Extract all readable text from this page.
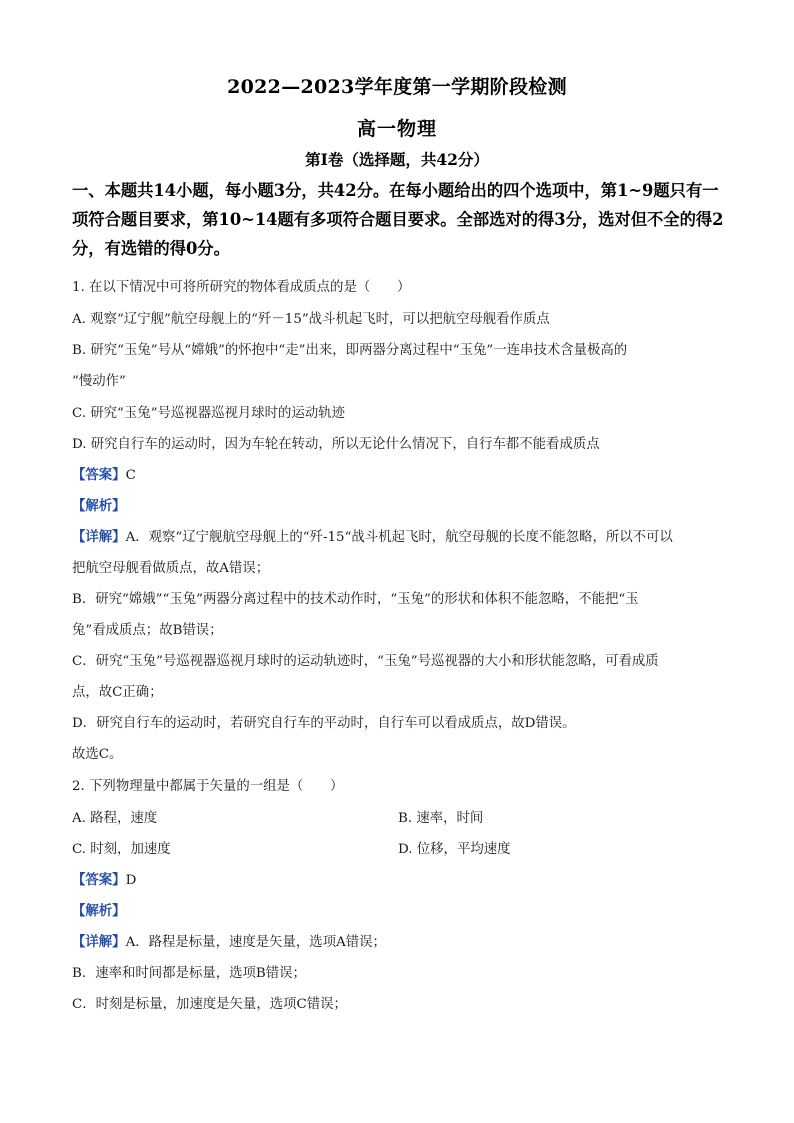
2022—2023学年度第一学期阶段检测
高一物理
第Ⅰ卷（选择题，共42分）
一、本题共14小题，每小题3分，共42分。在每小题给出的四个选项中，第1~9题只有一
项符合题目要求，第10~14题有多项符合题目要求。全部选对的得3分，选对但不全的得2
分，有选错的得0分。
1. 在以下情况中可将所研究的物体看成质点的是（　　）
A. 观察“辽宁舰”航空母舰上的“歼－15”战斗机起飞时，可以把航空母舰看作质点
B. 研究“玉兔”号从“嫦娥”的怀抱中“走”出来，即两器分离过程中“玉兔”一连串技术含量极高的
“慢动作”
C. 研究“玉兔”号巡视器巡视月球时的运动轨迹
D. 研究自行车的运动时，因为车轮在转动，所以无论什么情况下，自行车都不能看成质点
【答案】C
【解析】
【详解】A．观察“辽宁舰航空母舰上的“歼-15“战斗机起飞时，航空母舰的长度不能忽略，所以不可以
把航空母舰看做质点，故A错误；
B．研究“嫦娥”“玉兔”两器分离过程中的技术动作时，“玉兔”的形状和体积不能忽略，不能把“玉
兔”看成质点；故B错误；
C．研究“玉兔”号巡视器巡视月球时的运动轨迹时，“玉兔”号巡视器的大小和形状能忽略，可看成质
点，故C正确；
D．研究自行车的运动时，若研究自行车的平动时，自行车可以看成质点，故D错误。
故选C。
2. 下列物理量中都属于矢量的一组是（　　）
A. 路程，速度	B. 速率，时间
C. 时刻，加速度	D. 位移，平均速度
【答案】D
【解析】
【详解】A．路程是标量，速度是矢量，选项A错误；
B．速率和时间都是标量，选项B错误；
C．时刻是标量，加速度是矢量，选项C错误；
